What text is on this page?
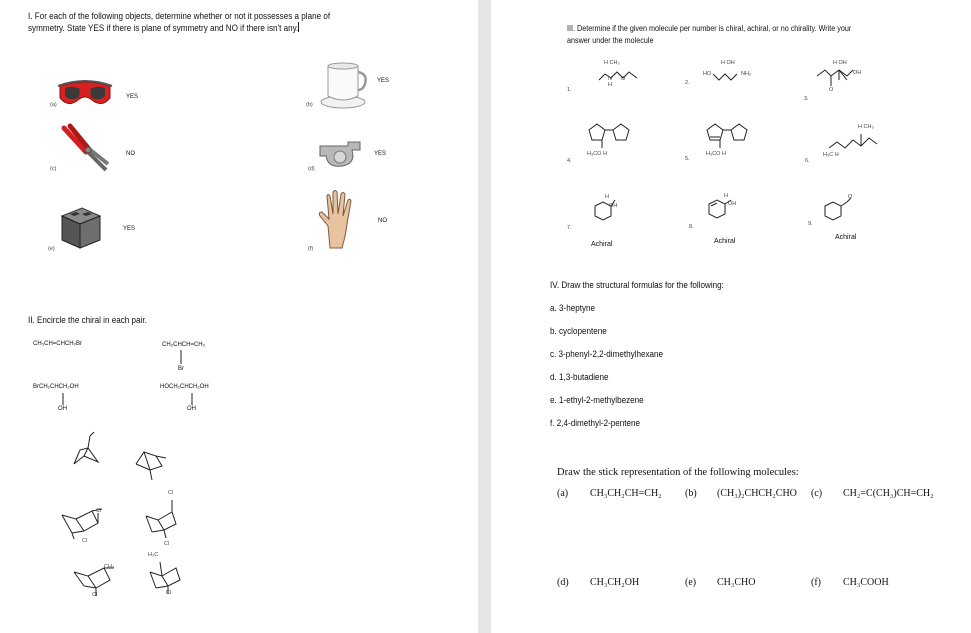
I. For each of the following objects, determine whether or not it possesses a plane of
symmetry. State YES if there is plane of symmetry and NO if there isn't any.
(a)
YES
(b)
YES
(c)
NO
(d)
YES
(e)
YES
(f)
NO
II. Encircle the chiral in each pair.
CH₃CH=CHCH₂Br	CH₃CHCH=CH₂
Br
BrCH₂CHCH₂OH
OH
HOCH₂CHCH₂OH
OH
Cl
Cl
Cl
Cl
CH₃
Cl
H₃C
Cl
III. Determine if the given molecule per number is chiral, achiral, or no chirality. Write your
answer under the molecule
1.
H CH₃
N
H
O
2.
H OH
HO	NH₂
3.
H OH
OH
O
4.
H₃CO H
5.
H₃CO H
6.
H CH₃
H₃C H
7.
H
OH
Achiral
8.
H
OH
Achiral
9.
O
Achiral
IV. Draw the structural formulas for the following:
a. 3-heptyne
b. cyclopentene
c. 3-phenyl-2,2-dimethylhexane
d. 1,3-butadiene
e. 1-ethyl-2-methylbezene
f. 2,4-dimethyl-2-pentene
Draw the stick representation of the following molecules:
(a) CH₃CH₂CH=CH₂ (b) (CH₃)₂CHCH₂CHO (c) CH₂=C(CH₃)CH=CH₂
(d) CH₃CH₂OH	(e) CH₃CHO	(f) CH₃COOH
